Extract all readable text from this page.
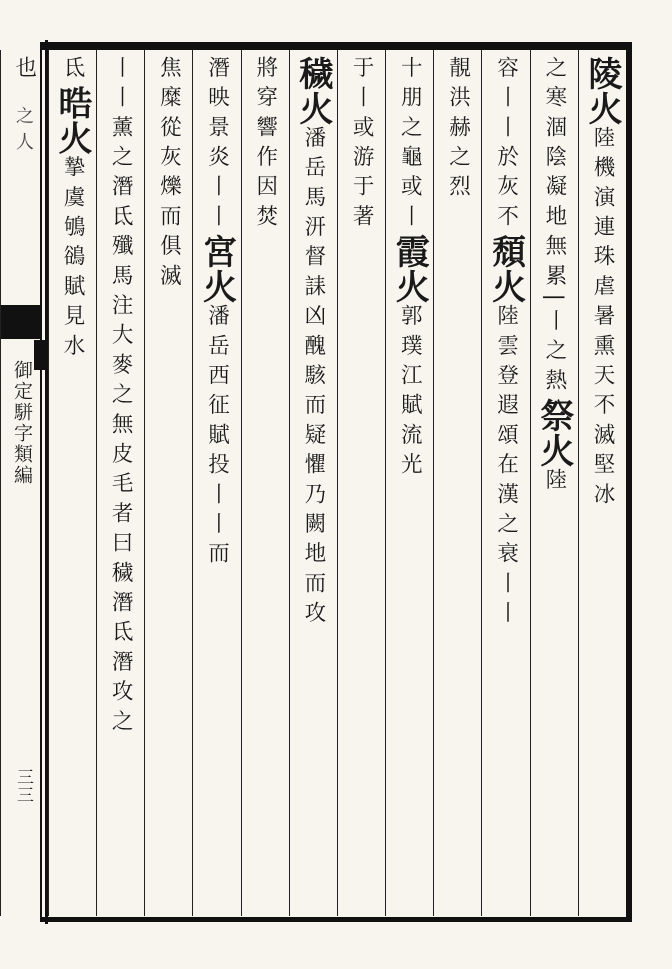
之人
御定駢字類編
三三
陵火陸機演連珠虐暑熏天不滅堅冰
之寒涸陰凝地無累|丨之熱祭火陸
容丨丨於灰不頹火陸雲登遐頌在漢之衰丨丨
靚洪赫之烈
十朋之龜或丨霞火郭璞江賦流光
于丨或游于著
穢火潘岳馬汧督誄凶醜駭而疑懼乃闕地而攻
將穿響作因焚
潛映景炎丨丨宮火潘岳西征賦投丨丨而
焦糜從灰爍而俱滅
丨丨薰之潛氐殲馬注大麥之無皮毛者曰穢潛氐潛攻之
氐晧火摯虞鴝鵒賦見水
也
